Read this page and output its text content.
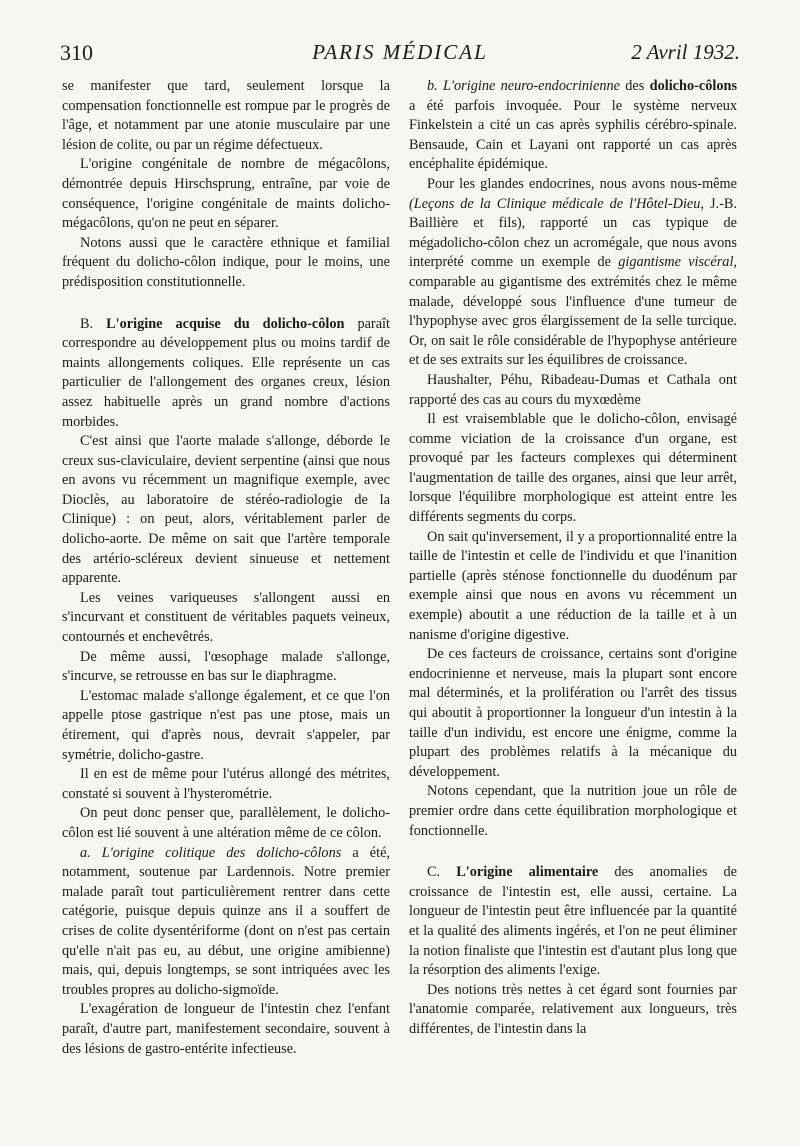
310	PARIS MÉDICAL	2 Avril 1932.

se manifester que tard, seulement lorsque la compensation fonctionnelle est rompue par le progrès de l'âge, et notamment par une atonie musculaire par une lésion de colite, ou par un régime défectueux.

L'origine congénitale de nombre de mégacôlons, démontrée depuis Hirschsprung, entraîne, par voie de conséquence, l'origine congénitale de maints dolicho-mégacôlons, qu'on ne peut en séparer.

Notons aussi que le caractère ethnique et familial fréquent du dolicho-côlon indique, pour le moins, une prédisposition constitutionnelle.

B. L'origine acquise du dolicho-côlon paraît correspondre au développement plus ou moins tardif de maints allongements coliques. Elle représente un cas particulier de l'allongement des organes creux, lésion assez habituelle après un grand nombre d'actions morbides.

C'est ainsi que l'aorte malade s'allonge, déborde le creux sus-claviculaire, devient serpentine (ainsi que nous en avons vu récemment un magnifique exemple, avec Dioclès, au laboratoire de stéréo-radiologie de la Clinique) : on peut, alors, véritablement parler de dolicho-aorte. De même on sait que l'artère temporale des artério-scléreux devient sinueuse et nettement apparente.

Les veines variqueuses s'allongent aussi en s'incurvant et constituent de véritables paquets veineux, contournés et enchevêtrés.

De même aussi, l'œsophage malade s'allonge, s'incurve, se retrousse en bas sur le diaphragme.

L'estomac malade s'allonge également, et ce que l'on appelle ptose gastrique n'est pas une ptose, mais un étirement, qui d'après nous, devrait s'appeler, par symétrie, dolicho-gastre.

Il en est de même pour l'utérus allongé des métrites, constaté si souvent à l'hysterométrie.

On peut donc penser que, parallèlement, le dolicho-côlon est lié souvent à une altération même de ce côlon.

a. L'origine colitique des dolicho-côlons a été, notamment, soutenue par Lardennois. Notre premier malade paraît tout particulièrement rentrer dans cette catégorie, puisque depuis quinze ans il a souffert de crises de colite dysentériforme (dont on n'est pas certain qu'elle n'ait pas eu, au début, une origine amibienne) mais, qui, depuis longtemps, se sont intriquées avec les troubles propres au dolicho-sigmoïde.

L'exagération de longueur de l'intestin chez l'enfant paraît, d'autre part, manifestement secondaire, souvent à des lésions de gastro-entérite infectieuse.

b. L'origine neuro-endocrinienne des dolicho-côlons a été parfois invoquée. Pour le système nerveux Finkelstein a cité un cas après syphilis cérébro-spinale. Bensaude, Cain et Layani ont rapporté un cas après encéphalite épidémique.

Pour les glandes endocrines, nous avons nous-même (Leçons de la Clinique médicale de l'Hôtel-Dieu, J.-B. Baillière et fils), rapporté un cas typique de mégadolicho-côlon chez un acromégale, que nous avons interprété comme un exemple de gigantisme viscéral, comparable au gigantisme des extrémités chez le même malade, développé sous l'influence d'une tumeur de l'hypophyse avec gros élargissement de la selle turcique. Or, on sait le rôle considérable de l'hypophyse antérieure et de ses extraits sur les équilibres de croissance.

Haushalter, Péhu, Ribadeau-Dumas et Cathala ont rapporté des cas au cours du myxœdème

Il est vraisemblable que le dolicho-côlon, envisagé comme viciation de la croissance d'un organe, est provoqué par les facteurs complexes qui déterminent l'augmentation de taille des organes, ainsi que leur arrêt, lorsque l'équilibre morphologique est atteint entre les différents segments du corps.

On sait qu'inversement, il y a proportionnalité entre la taille de l'intestin et celle de l'individu et que l'inanition partielle (après sténose fonctionnelle du duodénum par exemple ainsi que nous en avons vu récemment un exemple) aboutit a une réduction de la taille et à un nanisme d'origine digestive.

De ces facteurs de croissance, certains sont d'origine endocrinienne et nerveuse, mais la plupart sont encore mal déterminés, et la prolifération ou l'arrêt des tissus qui aboutit à proportionner la longueur d'un intestin à la taille d'un individu, est encore une énigme, comme la plupart des problèmes relatifs à la mécanique du développement.

Notons cependant, que la nutrition joue un rôle de premier ordre dans cette équilibration morphologique et fonctionnelle.

C. L'origine alimentaire des anomalies de croissance de l'intestin est, elle aussi, certaine. La longueur de l'intestin peut être influencée par la quantité et la qualité des aliments ingérés, et l'on ne peut éliminer la notion finaliste que l'intestin est d'autant plus long que la résorption des aliments l'exige.

Des notions très nettes à cet égard sont fournies par l'anatomie comparée, relativement aux longueurs, très différentes, de l'intestin dans la
